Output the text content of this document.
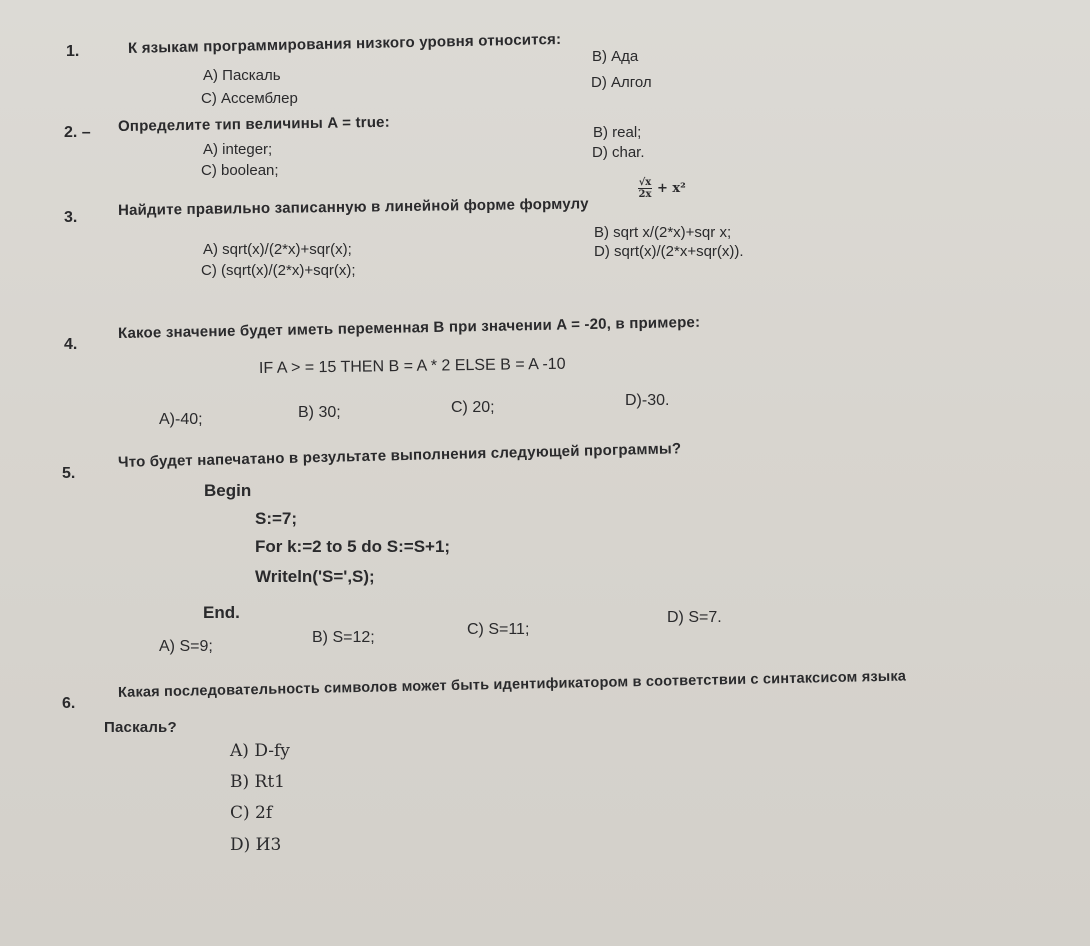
1.	К языкам программирования низкого уровня относится:
A) Паскаль
B) Ада
C) Ассемблер
D) Алгол
2. – Определите тип величины A = true:
A) integer;
B) real;
C) boolean;
D) char.
3.	Найдите правильно записанную в линейной форме формулу
√x
2x + x²
A) sqrt(x)/(2*x)+sqr(x);
B) sqrt x/(2*x)+sqr x;
C) (sqrt(x)/(2*x)+sqr(x);
D) sqrt(x)/(2*x+sqr(x)).
4.
Какое значение будет иметь переменная B при значении A = -20, в примере:
IF A > = 15 THEN B = A * 2 ELSE B = A -10
A)-40;	B) 30;	C) 20;	D)-30.
5.
Что будет напечатано в результате выполнения следующей программы?
Begin
S:=7;
For k:=2 to 5 do S:=S+1;
Writeln('S=',S);
End.
A) S=9;
B) S=12;	C) S=11;
D) S=7.
6.
Какая последовательность символов может быть идентификатором в соответствии с синтаксисом языка
Паскаль?
A) D-fy
B) Rt1
C) 2f
D) И3
